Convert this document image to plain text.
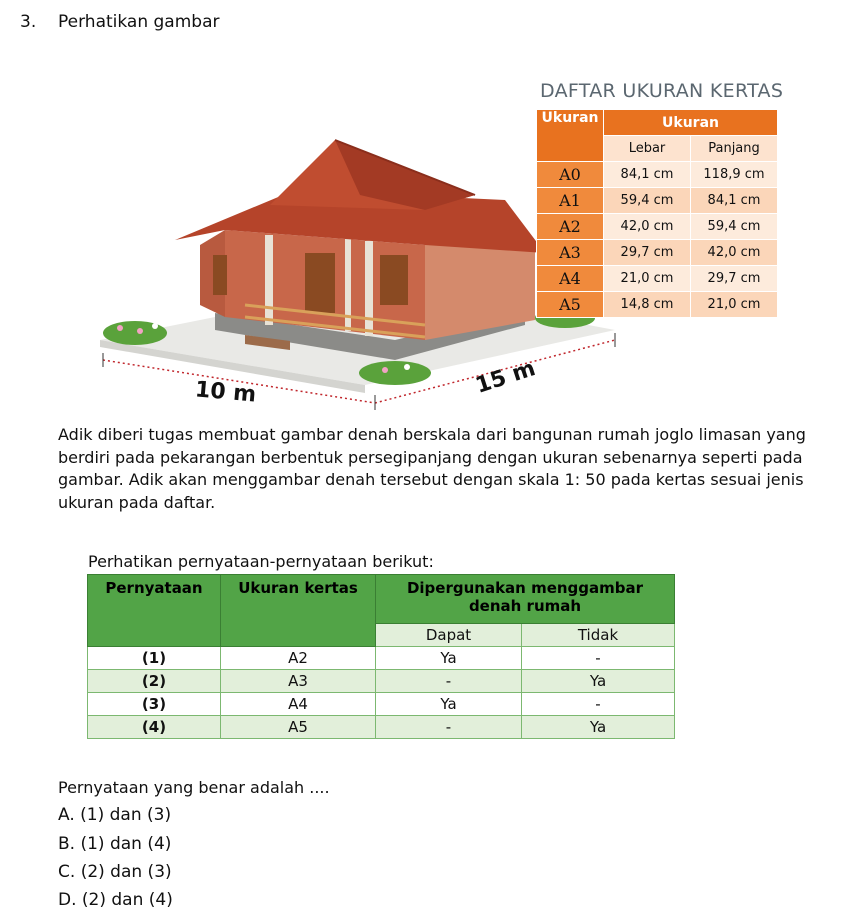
3. Perhatikan gambar
10 m	15 m
DAFTAR UKURAN KERTAS
Ukuran	Ukuran	
	Lebar	Panjang
A0	84,1 cm	118,9 cm
A1	59,4 cm	84,1 cm
A2	42,0 cm	59,4 cm
A3	29,7 cm	42,0 cm
A4	21,0 cm	29,7 cm
A5	14,8 cm	21,0 cm
Adik diberi tugas membuat gambar denah berskala dari bangunan rumah joglo limasan yang berdiri pada pekarangan berbentuk persegipanjang dengan ukuran sebenarnya seperti pada gambar. Adik akan menggambar denah tersebut dengan skala 1: 50 pada kertas sesuai jenis ukuran pada daftar.
Perhatikan pernyataan-pernyataan berikut:
Pernyataan	Ukuran kertas	Dipergunakan menggambar denah rumah	
		Dapat	Tidak
(1)	A2	Ya	-
(2)	A3	-	Ya
(3)	A4	Ya	-
(4)	A5	-	Ya
Pernyataan yang benar adalah ....
A. (1) dan (3)
B. (1) dan (4)
C. (2) dan (3)
D. (2) dan (4)
